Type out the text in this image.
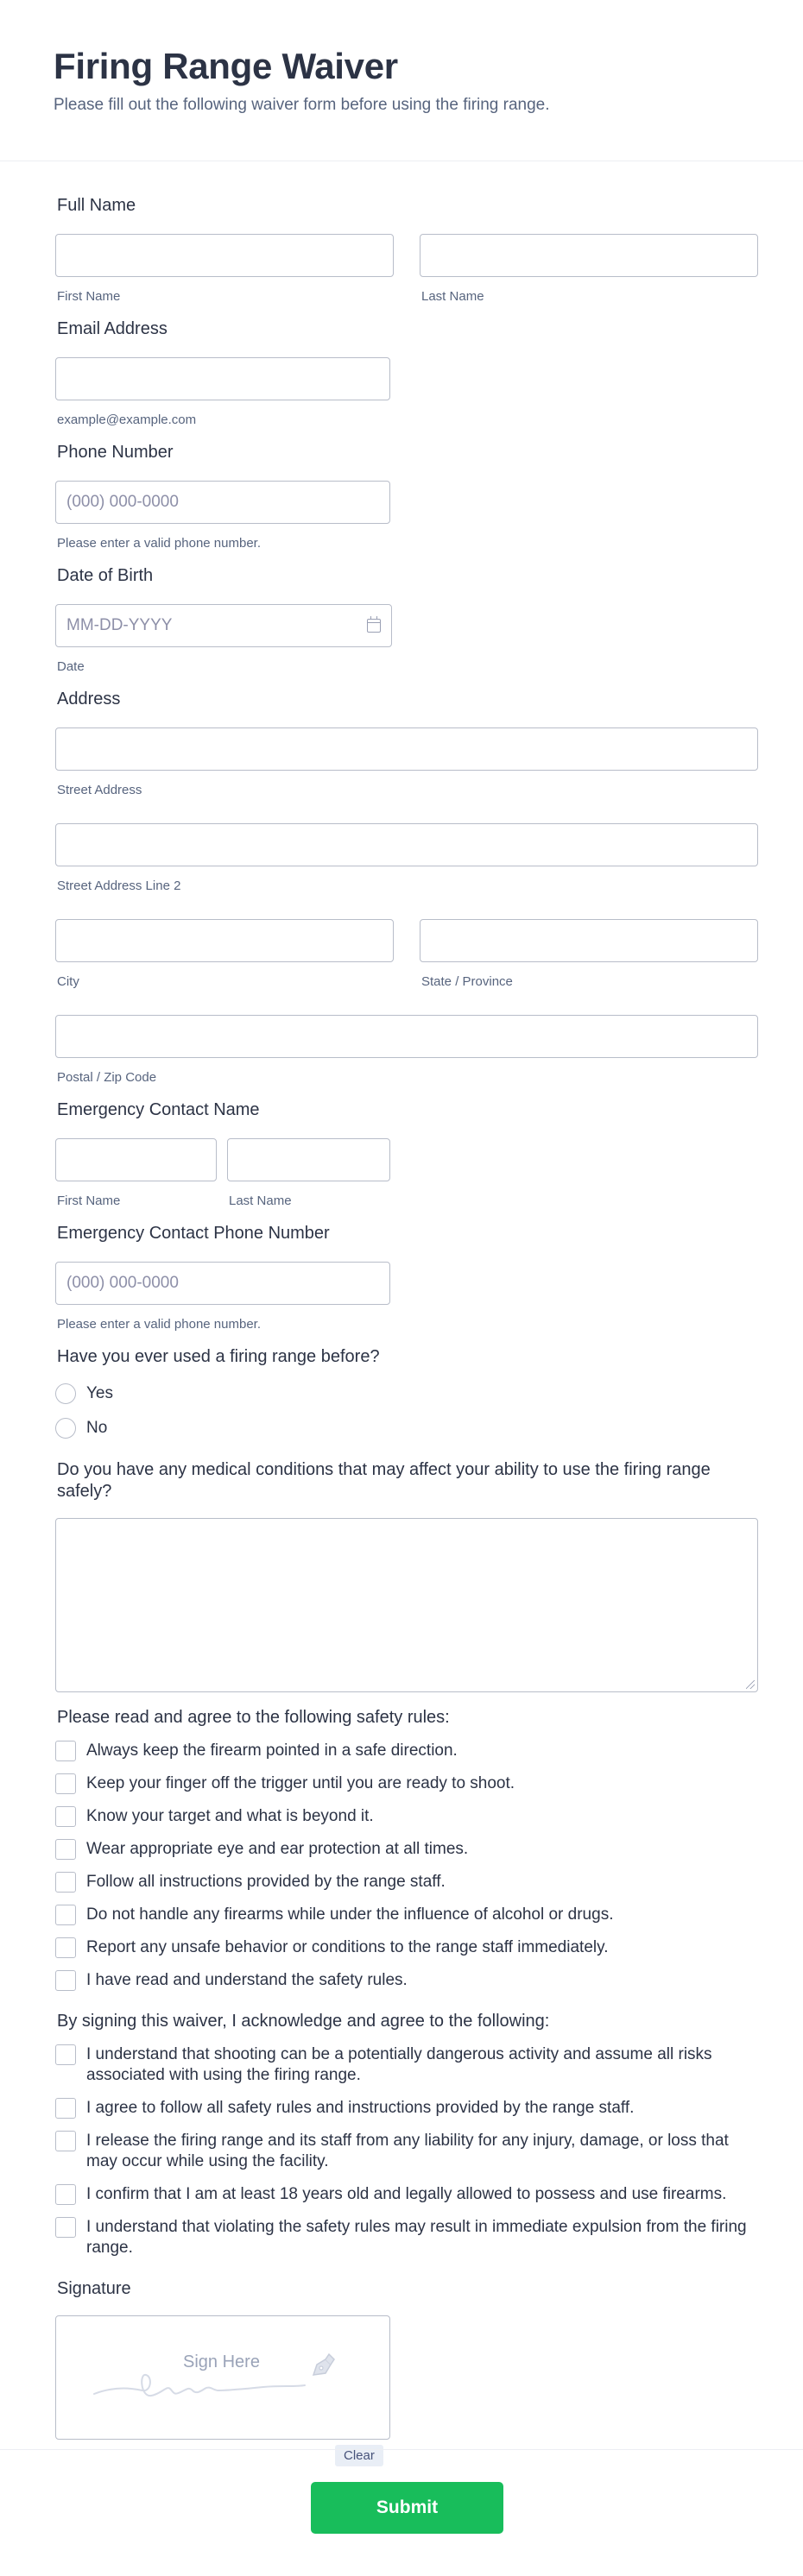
Firing Range Waiver
Please fill out the following waiver form before using the firing range.
Full Name
First Name	Last Name
Email Address
example@example.com
Phone Number
(000) 000-0000
Please enter a valid phone number.
Date of Birth
MM-DD-YYYY
Date
Address
Street Address
Street Address Line 2
City	State / Province
Postal / Zip Code
Emergency Contact Name
First Name	Last Name
Emergency Contact Phone Number
(000) 000-0000
Please enter a valid phone number.
Have you ever used a firing range before?
Yes
No
Do you have any medical conditions that may affect your ability to use the firing range safely?
Please read and agree to the following safety rules:
Always keep the firearm pointed in a safe direction.
Keep your finger off the trigger until you are ready to shoot.
Know your target and what is beyond it.
Wear appropriate eye and ear protection at all times.
Follow all instructions provided by the range staff.
Do not handle any firearms while under the influence of alcohol or drugs.
Report any unsafe behavior or conditions to the range staff immediately.
I have read and understand the safety rules.
By signing this waiver, I acknowledge and agree to the following:
I understand that shooting can be a potentially dangerous activity and assume all risks associated with using the firing range.
I agree to follow all safety rules and instructions provided by the range staff.
I release the firing range and its staff from any liability for any injury, damage, or loss that may occur while using the facility.
I confirm that I am at least 18 years old and legally allowed to possess and use firearms.
I understand that violating the safety rules may result in immediate expulsion from the firing range.
Signature
Sign Here
Clear
Submit
